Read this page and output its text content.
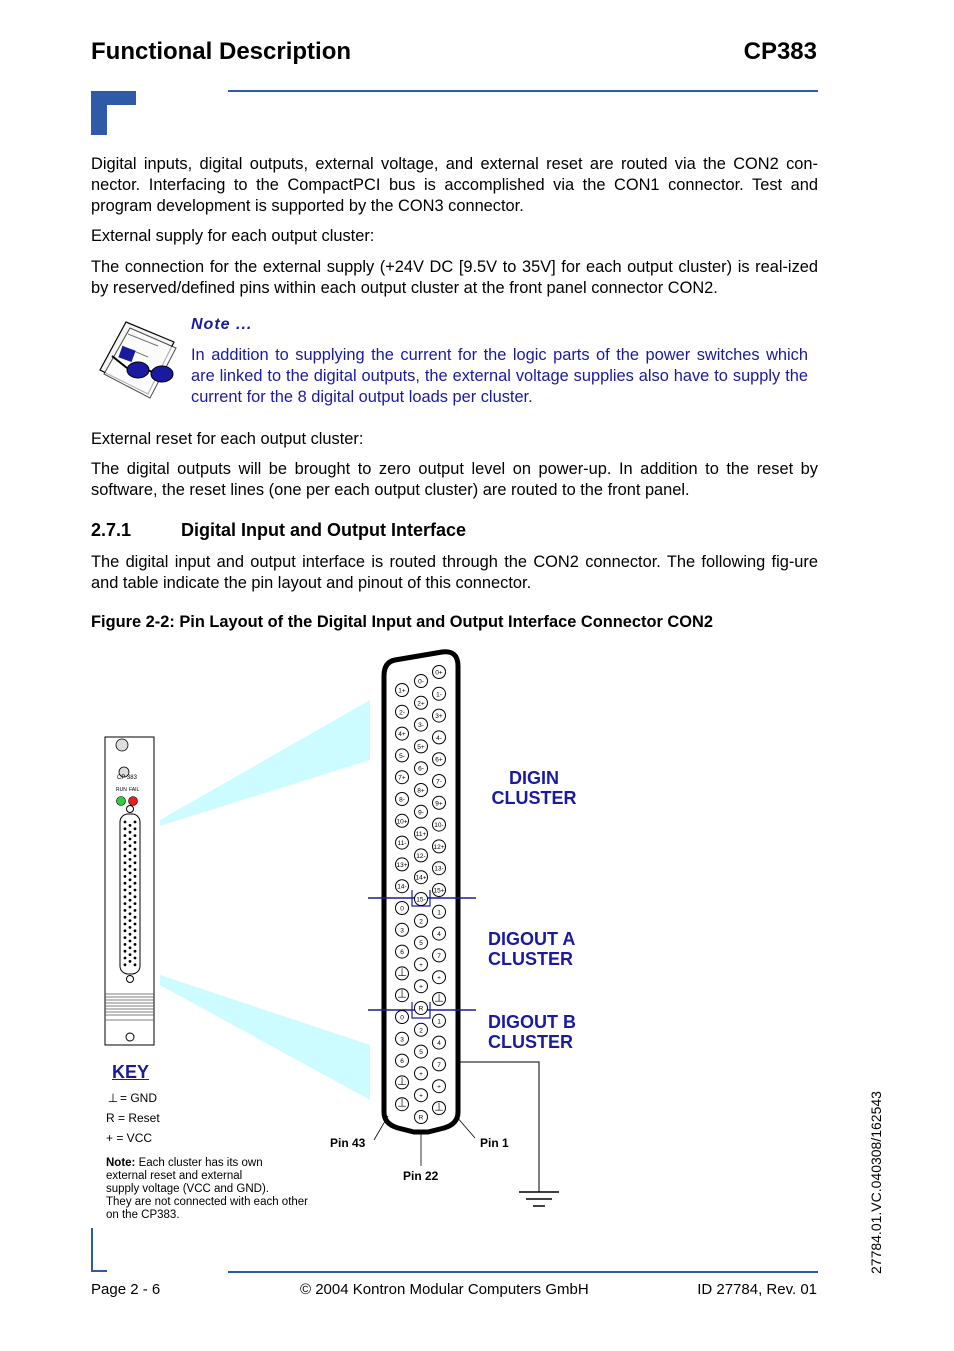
Functional Description	CP383
Digital inputs, digital outputs, external voltage, and external reset are routed via the CON2 con-nector. Interfacing to the CompactPCI bus is accomplished via the CON1 connector. Test and program development is supported by the CON3 connector.
External supply for each output cluster:
The connection for the external supply (+24V DC [9.5V to 35V] for each output cluster) is real-ized by reserved/defined pins within each output cluster at the front panel connector CON2.
Note ...
In addition to supplying the current for the logic parts of the power switches which are linked to the digital outputs, the external voltage supplies also have to supply the current for the 8 digital output loads per cluster.
External reset for each output cluster:
The digital outputs will be brought to zero output level on power-up. In addition to the reset by software, the reset lines (one per each output cluster) are routed to the front panel.
2.7.1	Digital Input and Output Interface
The digital input and output interface is routed through the CON2 connector. The following fig-ure and table indicate the pin layout and pinout of this connector.
Figure 2-2: Pin Layout of the Digital Input and Output Interface Connector CON2
1+
2-
4+
5-
7+
8-
10+
11-
13+
14-
0
3
6
⊥
⊥
0
3
6
⊥
⊥
0-
2+
3-
5+
6-
8+
9-
11+
12-
14+
15-
2
5
+
+
R
2
5
+
+
R
0+
1-
3+
4-
6+
7-
9+
10-
12+
13-
15+
1
4
7
+
⊥
1
4
7
+
⊥
CP 383
RUN FAIL
DIGIN
CLUSTER
DIGOUT A
CLUSTER
DIGOUT B
CLUSTER
Pin 43	Pin 1
Pin 22
KEY
⊥ = GND
R = Reset
+ = VCC
Note: Each cluster has its own
external reset and external
supply voltage (VCC and GND).
They are not connected with each other
on the CP383.
Page 2 - 6	© 2004 Kontron Modular Computers GmbH	ID 27784, Rev. 01
27784.01.VC.040308/162543
